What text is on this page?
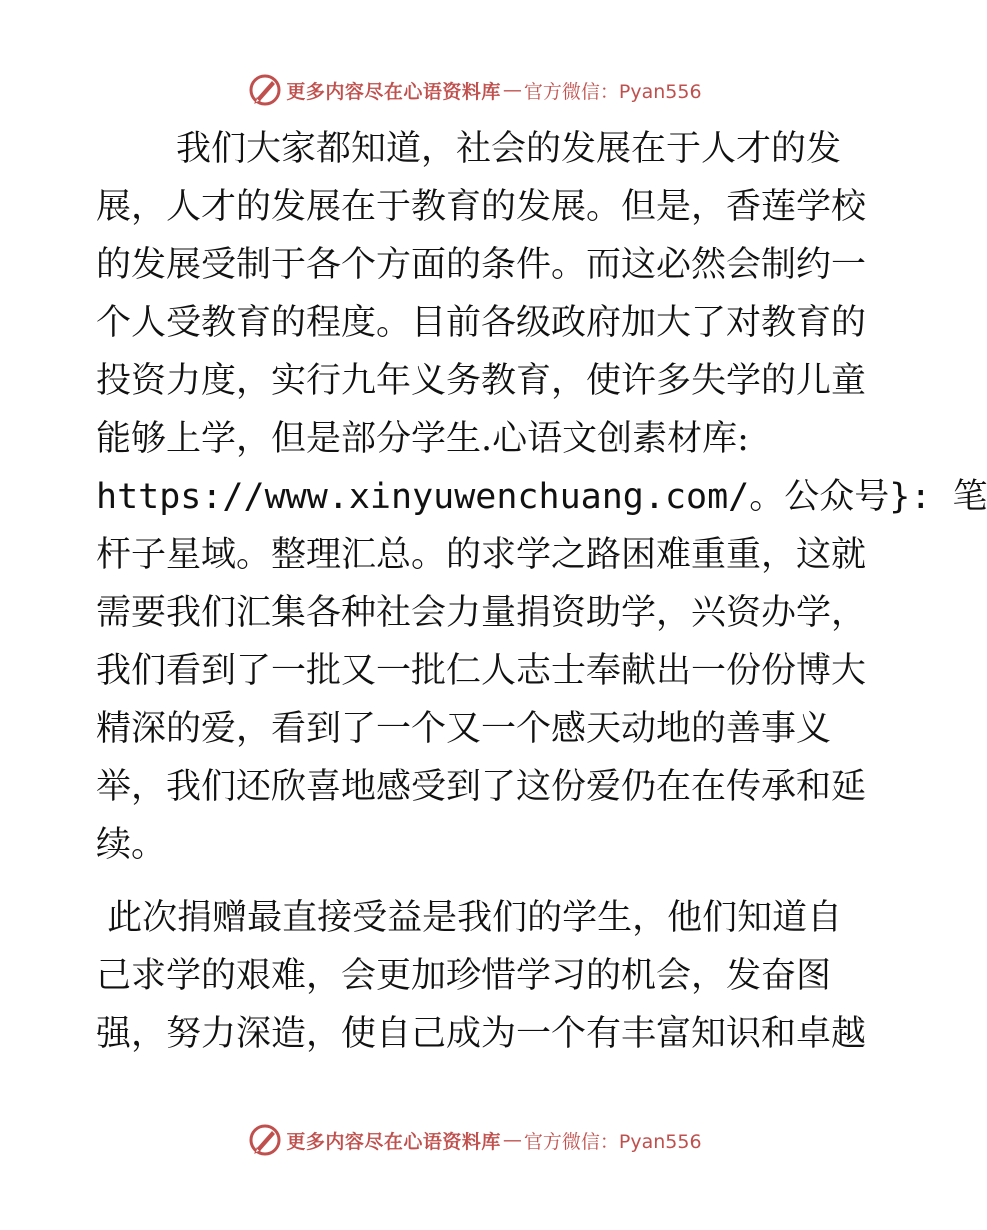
更多内容尽在心语资料库 — 官方微信：Pyan556
我们大家都知道，社会的发展在于人才的发
展，人才的发展在于教育的发展。但是，香莲学校
的发展受制于各个方面的条件。而这必然会制约一
个人受教育的程度。目前各级政府加大了对教育的
投资力度，实行九年义务教育，使许多失学的儿童
能够上学，但是部分学生.心语文创素材库:
https://www.xinyuwenchuang.com/。公众号}: 笔
杆子星域。整理汇总。的求学之路困难重重，这就
需要我们汇集各种社会力量捐资助学，兴资办学，
我们看到了一批又一批仁人志士奉献出一份份博大
精深的爱，看到了一个又一个感天动地的善事义
举，我们还欣喜地感受到了这份爱仍在在传承和延
续。
此次捐赠最直接受益是我们的学生，他们知道自
己求学的艰难，会更加珍惜学习的机会，发奋图
强，努力深造，使自己成为一个有丰富知识和卓越
更多内容尽在心语资料库 — 官方微信：Pyan556
